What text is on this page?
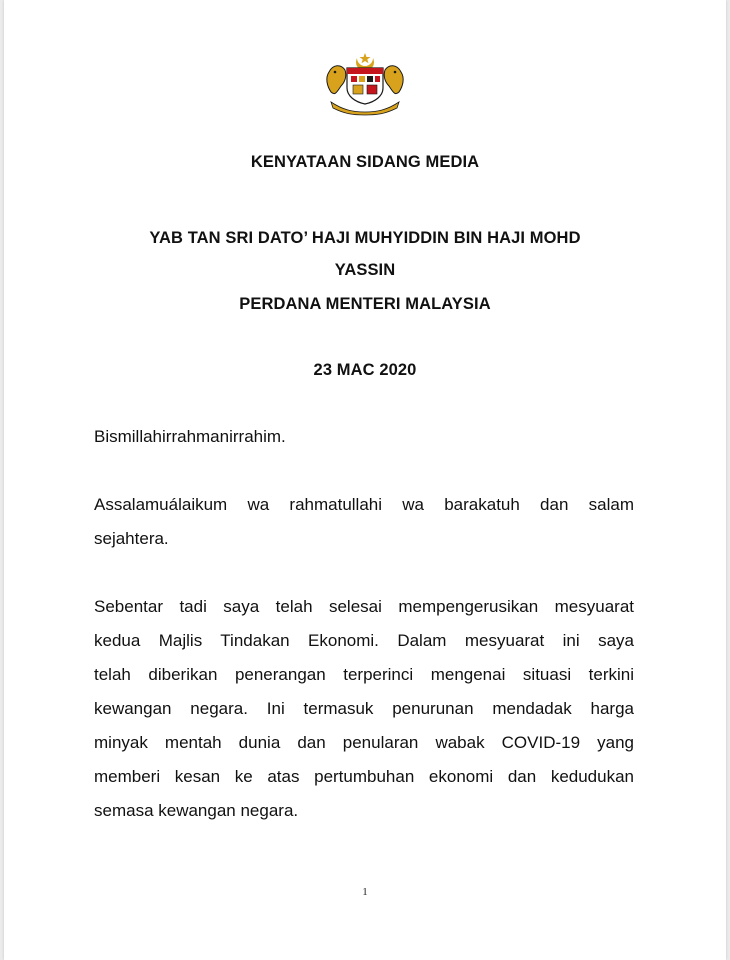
KENYATAAN SIDANG MEDIA
YAB TAN SRI DATO’ HAJI MUHYIDDIN BIN HAJI MOHD
YASSIN
PERDANA MENTERI MALAYSIA
23 MAC 2020
Bismillahirrahmanirrahim.
Assalamuálaikum wa rahmatullahi wa barakatuh dan salam
sejahtera.
Sebentar tadi saya telah selesai mempengerusikan mesyuarat
kedua Majlis Tindakan Ekonomi. Dalam mesyuarat ini saya
telah diberikan penerangan terperinci mengenai situasi terkini
kewangan negara. Ini termasuk penurunan mendadak harga
minyak mentah dunia dan penularan wabak COVID-19 yang
memberi kesan ke atas pertumbuhan ekonomi dan kedudukan
semasa kewangan negara.
1
